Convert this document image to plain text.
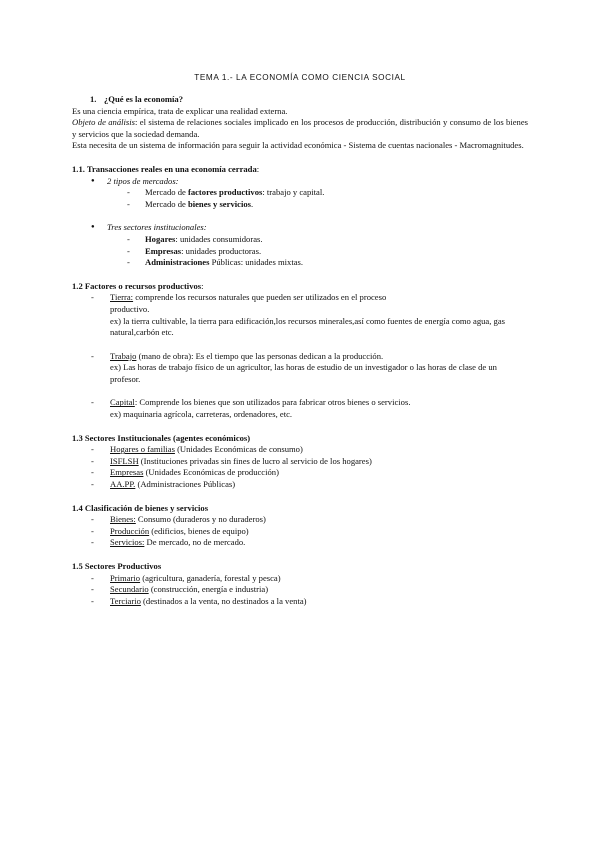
TEMA 1.- LA ECONOMÍA COMO CIENCIA SOCIAL

1. ¿Qué es la economía?

Es una ciencia empírica, trata de explicar una realidad externa.

Objeto de análisis: el sistema de relaciones sociales implicado en los procesos de producción, distribución y consumo de los bienes y servicios que la sociedad demanda.

Esta necesita de un sistema de información para seguir la actividad económica - Sistema de cuentas nacionales - Macromagnitudes.

1.1. Transacciones reales en una economía cerrada:

● 2 tipos de mercados:

- Mercado de factores productivos: trabajo y capital.

- Mercado de bienes y servicios.

● Tres sectores institucionales:

- Hogares: unidades consumidoras.

- Empresas: unidades productoras.

- Administraciones Públicas: unidades mixtas.

1.2 Factores o recursos productivos:

- Tierra: comprende los recursos naturales que pueden ser utilizados en el proceso

productivo.

ex) la tierra cultivable, la tierra para edificación,los recursos minerales,así como fuentes de energía como agua, gas natural,carbón etc.

- Trabajo (mano de obra): Es el tiempo que las personas dedican a la producción.

ex) Las horas de trabajo físico de un agricultor, las horas de estudio de un investigador o las horas de clase de un profesor.

- Capital: Comprende los bienes que son utilizados para fabricar otros bienes o servicios.

ex) maquinaria agrícola, carreteras, ordenadores, etc.

1.3 Sectores Institucionales (agentes económicos)

- Hogares o familias (Unidades Económicas de consumo)

- ISFLSH (Instituciones privadas sin fines de lucro al servicio de los hogares)

- Empresas (Unidades Económicas de producción)

- AA.PP. (Administraciones Públicas)

1.4 Clasificación de bienes y servicios

- Bienes: Consumo (duraderos y no duraderos)

- Producción (edificios, bienes de equipo)

- Servicios: De mercado, no de mercado.

1.5 Sectores Productivos

- Primario (agricultura, ganadería, forestal y pesca)

- Secundario (construcción, energía e industria)

- Terciario (destinados a la venta, no destinados a la venta)
